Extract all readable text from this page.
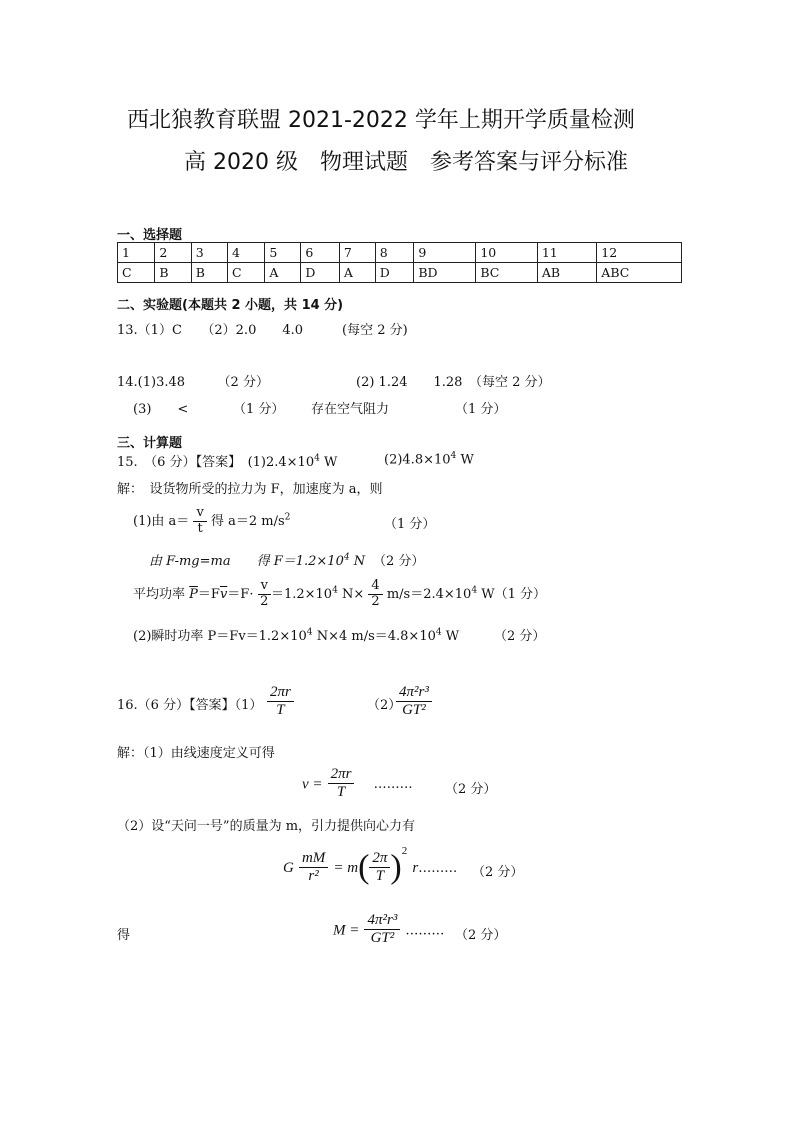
西北狼教育联盟 2021-2022 学年上期开学质量检测
高 2020 级　物理试题　参考答案与评分标准
一、选择题
1	2	3	4	5	6	7	8	9	10	11	12
C	B	B	C	A	D	A	D	BD	BC	AB	ABC
二、实验题(本题共 2 小题，共 14 分)
13.（1）C　　（2）2.0　　4.0　　　(每空 2 分)
14.(1)3.48　　　（2 分）	(2) 1.24　　1.28　（每空 2 分）
(3)　　<	（1 分） 存在空气阻力	（1 分）
三、计算题
15.　（6 分）【答案】　$(1)2.4\times 10^4$ W	$(2)4.8\times 10^4$ W
解：　设货物所受的拉力为 F，加速度为 a，则
(1)由 $a= \frac{v}{t}$ 得 a＝2 $m/s^2$	（1 分）
由 F-mg=ma　　得 $F=1.2\times 10^4$ N （2 分）
平均功率 $\overline{P}=F\overline{v}=F\cdot \frac{v}{2} =1.2\times 10^4$ $N\times \frac{4}{2} m/s=2.4\times 10^4$ W（1 分）
(2)瞬时功率 $P=Fv=1.2\times 10^4$ N×4 $m/s=4.8\times 10^4$ W	（2 分）
16.（6 分）【答案】$(1) \frac{2\pi r}{T}$	（2）
$\frac{\text{4π²r³}}{\text{GT²}}$
解：（1）由线速度定义可得
$v = \frac{2\pi r}{T}$ ……… （2 分）
（2）设“天问一号”的质量为 m，引力提供向心力有
G $\frac{mM}{\text{r²}} = m( \frac{2\pi}{T} )^2$ r……… （2 分）
得	$M = \frac{\text{4π²r³}}{\text{GT²}}$ ……… （2 分）
